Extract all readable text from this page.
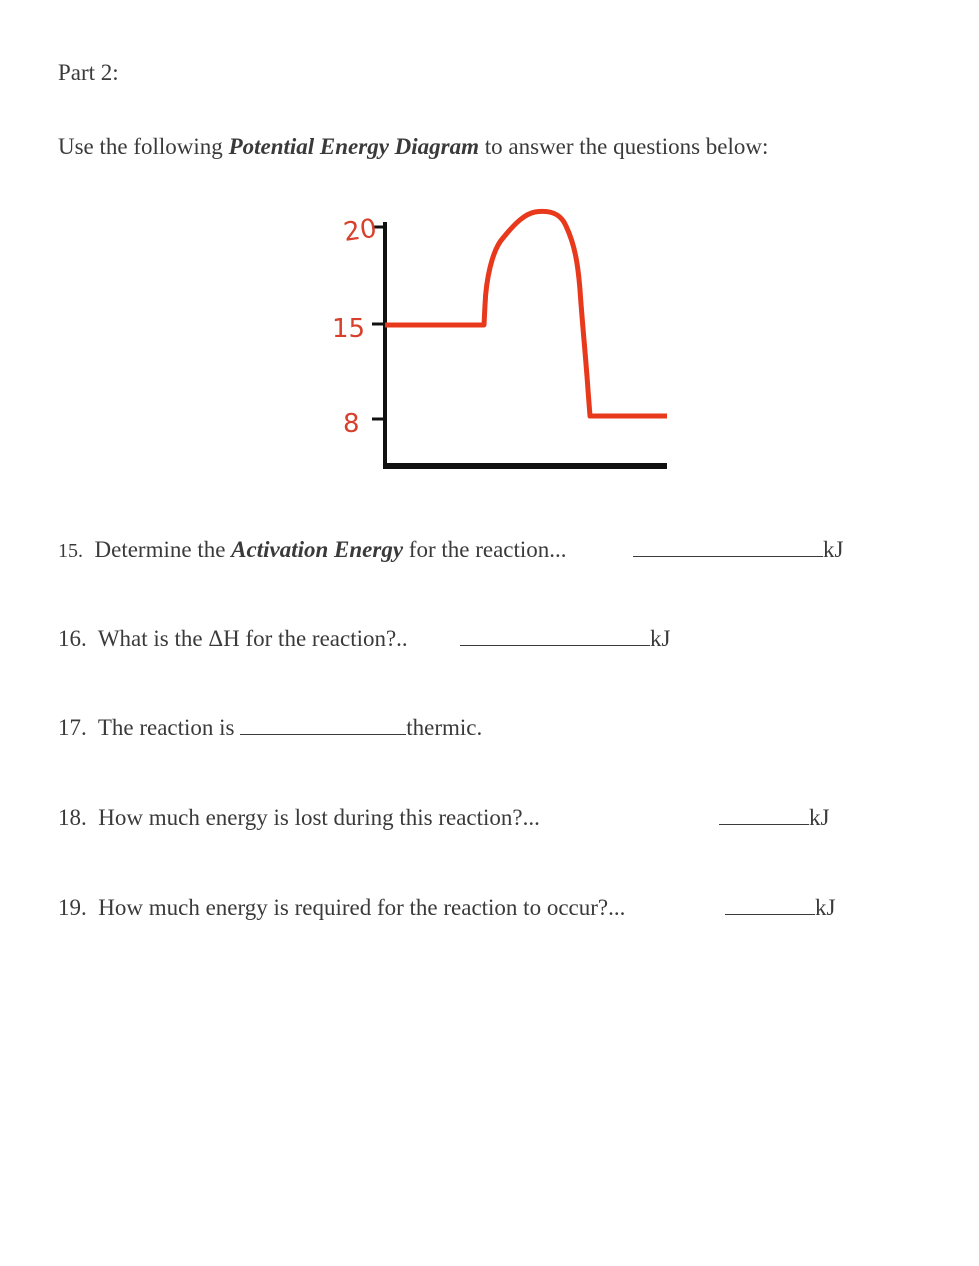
Part 2:
Use the following Potential Energy Diagram to answer the questions below:
20
15
8
15. Determine the Activation Energy for the reaction...	kJ
16. What is the ΔH for the reaction?..	kJ
17. The reaction is	thermic.
18. How much energy is lost during this reaction?...	kJ
19. How much energy is required for the reaction to occur?...	kJ
